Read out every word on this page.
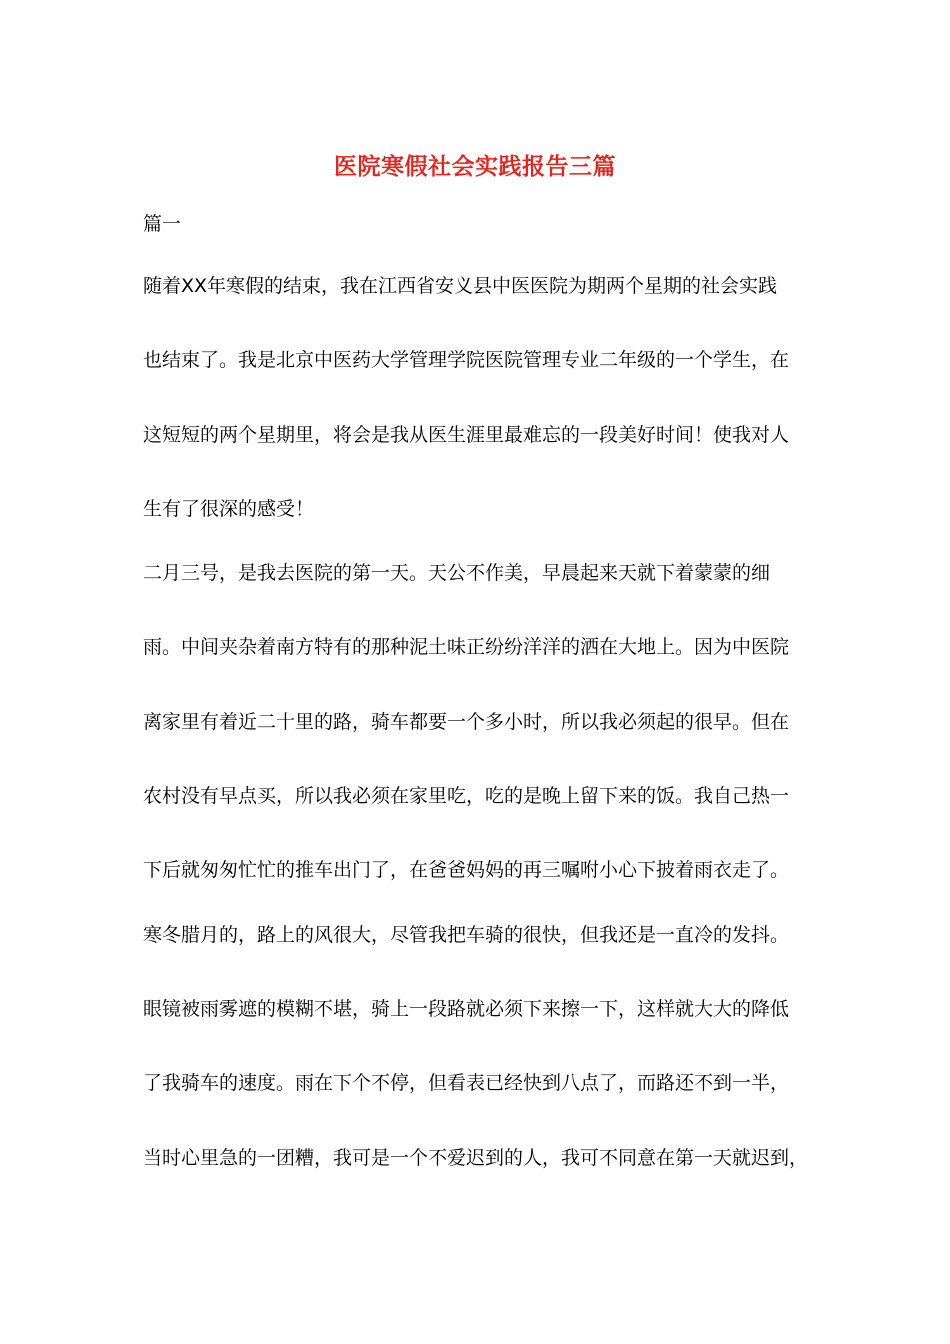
医院寒假社会实践报告三篇
篇一
随着XX年寒假的结束，我在江西省安义县中医医院为期两个星期的社会实践
也结束了。我是北京中医药大学管理学院医院管理专业二年级的一个学生，在
这短短的两个星期里，将会是我从医生涯里最难忘的一段美好时间！使我对人
生有了很深的感受！
二月三号，是我去医院的第一天。天公不作美，早晨起来天就下着蒙蒙的细
雨。中间夹杂着南方特有的那种泥土味正纷纷洋洋的洒在大地上。因为中医院
离家里有着近二十里的路，骑车都要一个多小时，所以我必须起的很早。但在
农村没有早点买，所以我必须在家里吃，吃的是晚上留下来的饭。我自己热一
下后就匆匆忙忙的推车出门了，在爸爸妈妈的再三嘱咐小心下披着雨衣走了。
寒冬腊月的，路上的风很大，尽管我把车骑的很快，但我还是一直冷的发抖。
眼镜被雨雾遮的模糊不堪，骑上一段路就必须下来擦一下，这样就大大的降低
了我骑车的速度。雨在下个不停，但看表已经快到八点了，而路还不到一半，
当时心里急的一团糟，我可是一个不爱迟到的人，我可不同意在第一天就迟到，
